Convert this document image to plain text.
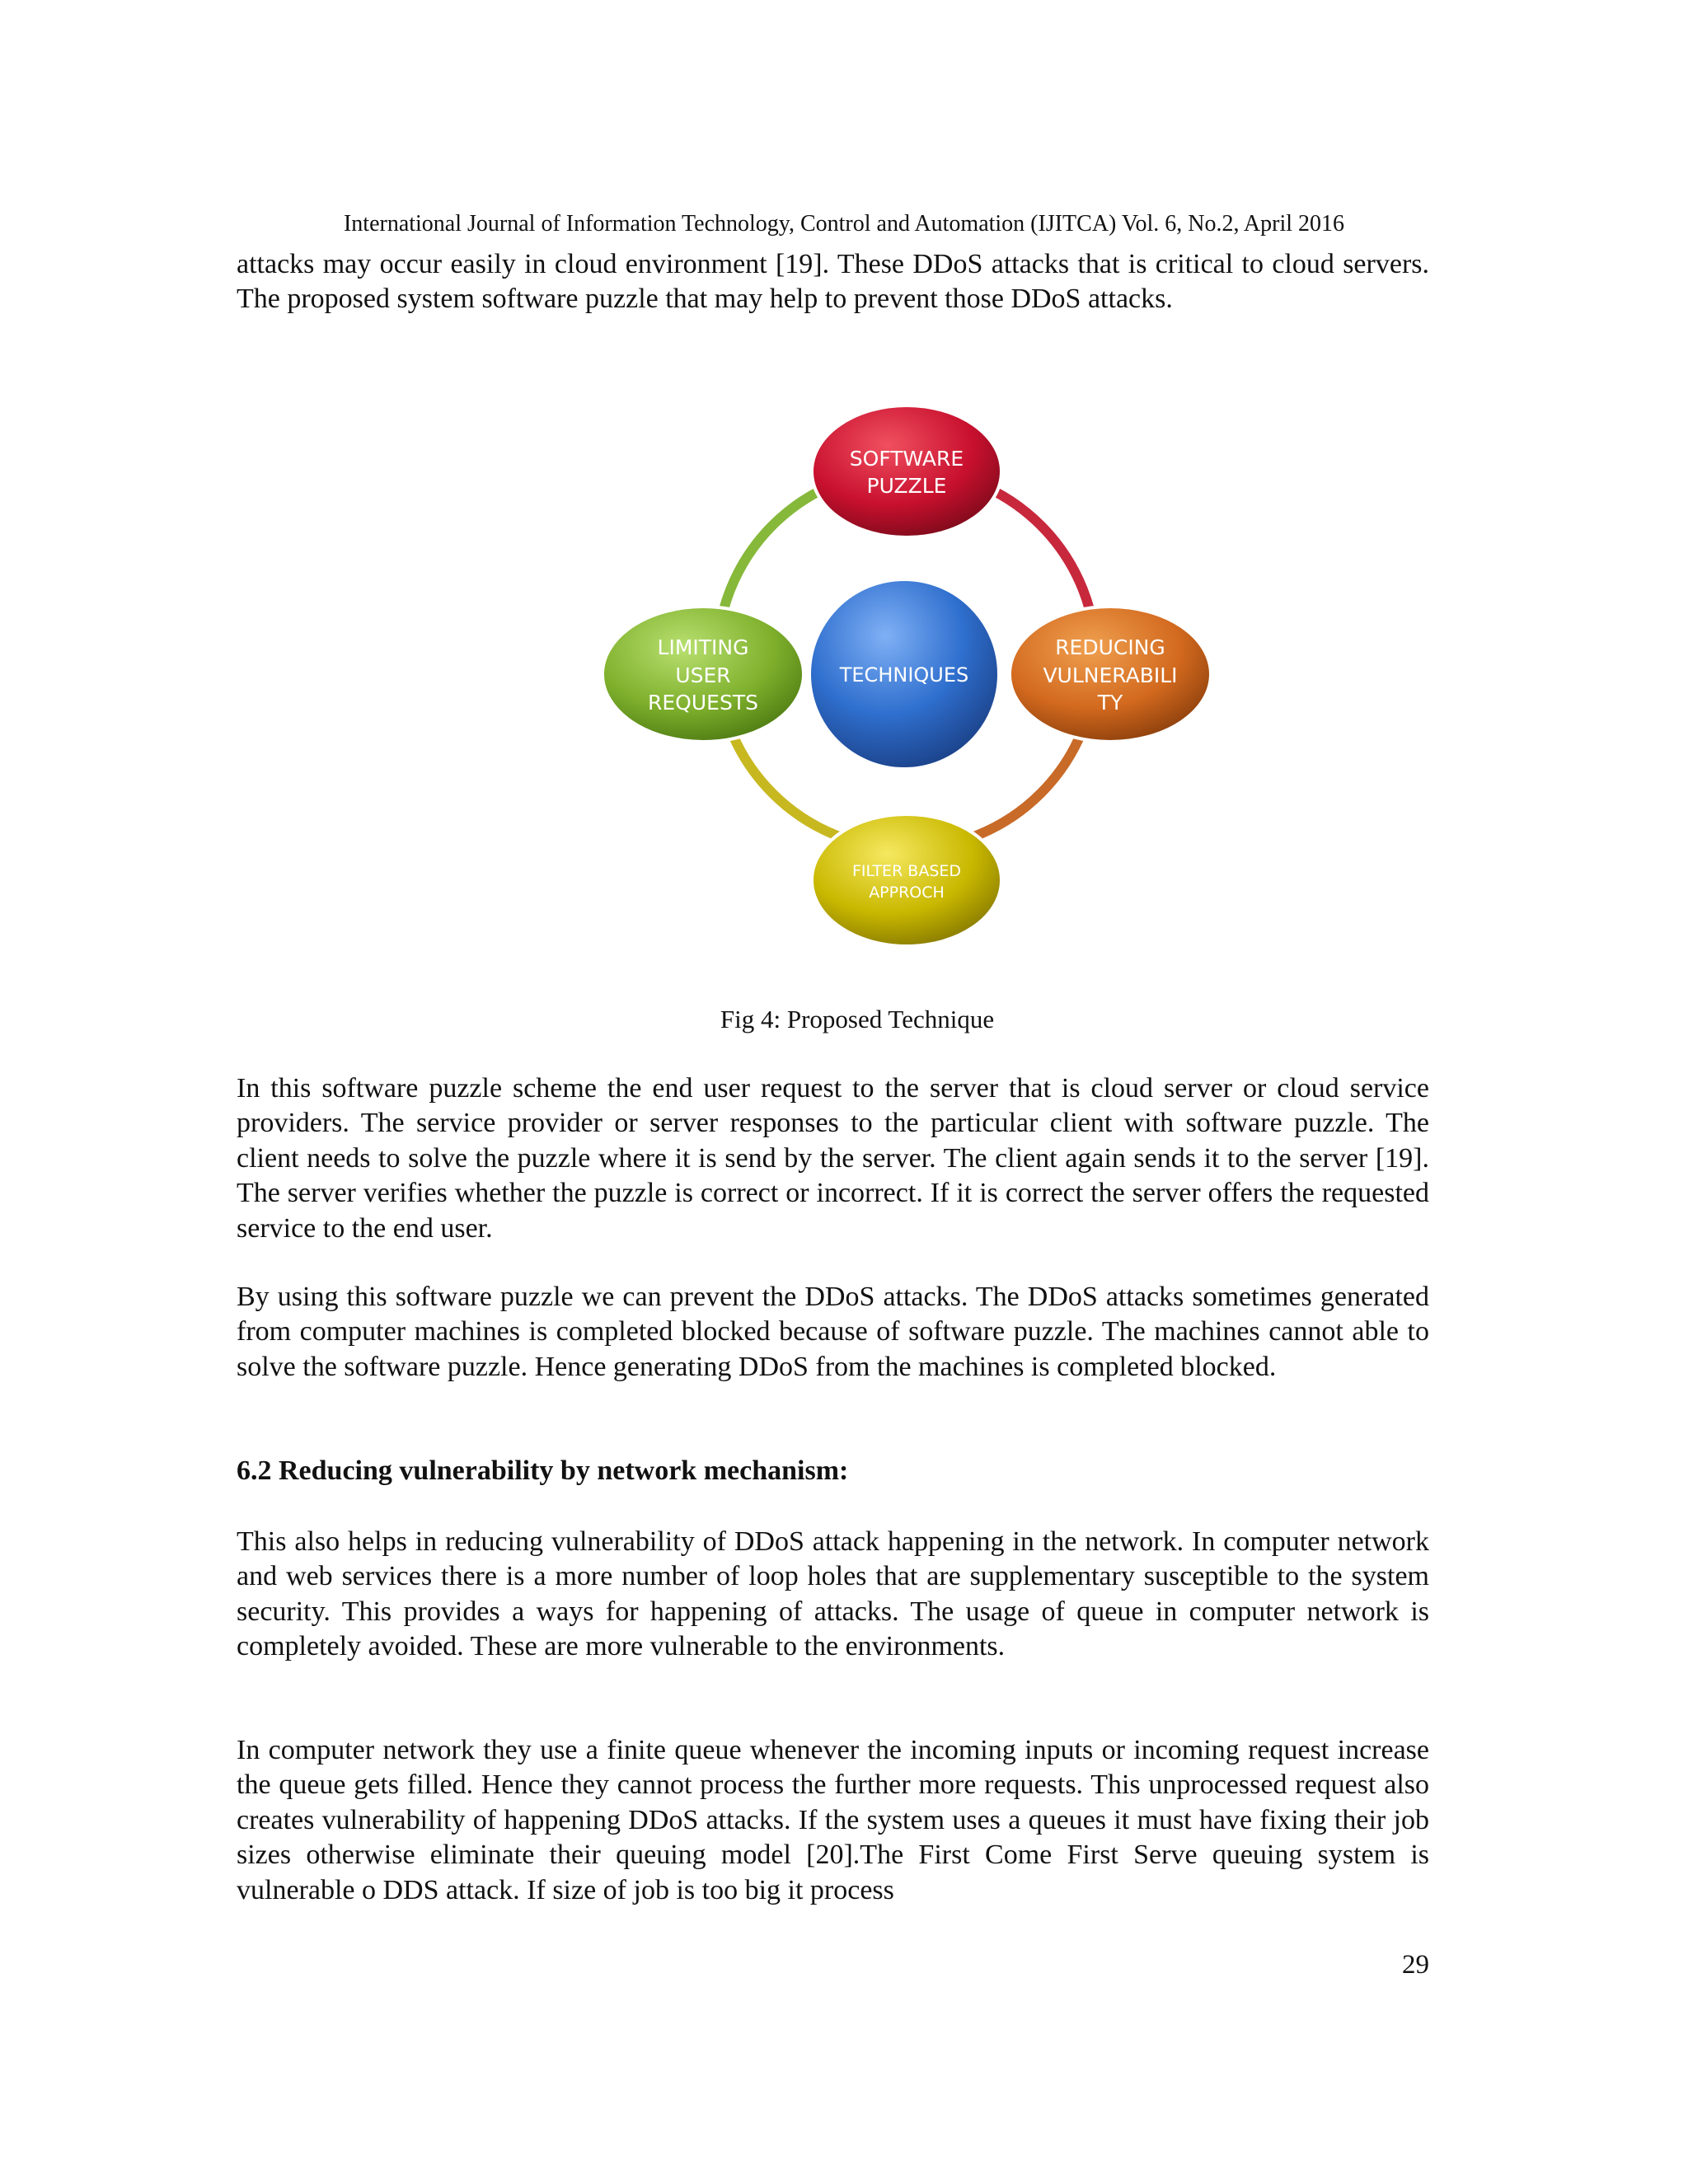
International Journal of Information Technology, Control and Automation (IJITCA) Vol. 6, No.2, April 2016

attacks may occur easily in cloud environment [19]. These DDoS attacks that is critical to cloud servers. The proposed system software puzzle that may help to prevent those DDoS attacks.

TECHNIQUES
SOFTWARE
PUZZLE
REDUCING
VULNERABILI
TY
FILTER BASED
APPROCH
LIMITING
USER
REQUESTS
Fig 4: Proposed Technique

In this software puzzle scheme the end user request to the server that is cloud server or cloud service providers. The service provider or server responses to the particular client with software puzzle. The client needs to solve the puzzle where it is send by the server. The client again sends it to the server [19]. The server verifies whether the puzzle is correct or incorrect. If it is correct the server offers the requested service to the end user.

By using this software puzzle we can prevent the DDoS attacks. The DDoS attacks sometimes generated from computer machines is completed blocked because of software puzzle. The machines cannot able to solve the software puzzle. Hence generating DDoS from the machines is completed blocked.

6.2 Reducing vulnerability by network mechanism:

This also helps in reducing vulnerability of DDoS attack happening in the network. In computer network and web services there is a more number of loop holes that are supplementary susceptible to the system security. This provides a ways for happening of attacks. The usage of queue in computer network is completely avoided. These are more vulnerable to the environments.

In computer network they use a finite queue whenever the incoming inputs or incoming request increase the queue gets filled. Hence they cannot process the further more requests. This unprocessed request also creates vulnerability of happening DDoS attacks. If the system uses a queues it must have fixing their job sizes otherwise eliminate their queuing model [20].The First Come First Serve queuing system is vulnerable o DDS attack. If size of job is too big it process

29
